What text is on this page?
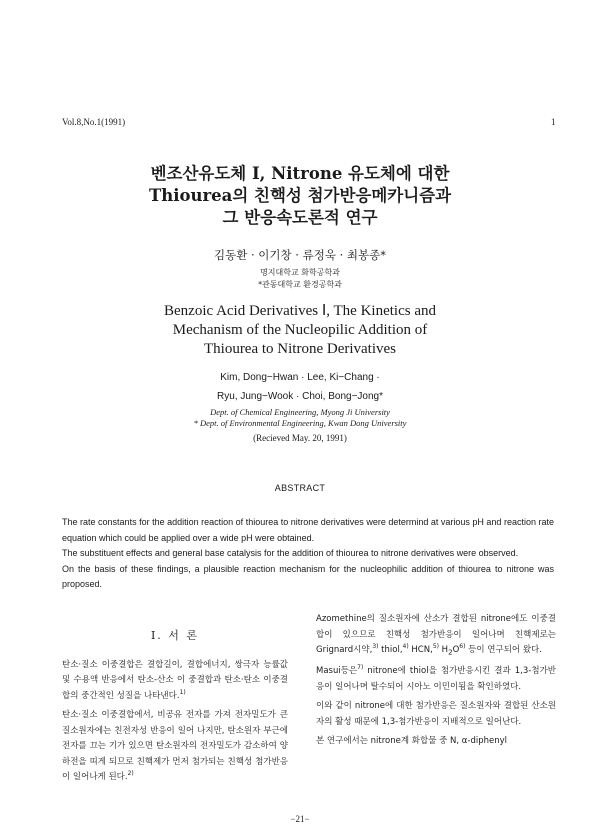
Vol.8,No.1(1991)	1
벤조산유도체 I, Nitrone 유도체에 대한
Thiourea의 친핵성 첨가반응메카니즘과
그 반응속도론적 연구
김동환 · 이기창 · 류정욱 · 최봉종*
명지대학교 화학공학과
*관동대학교 환경공학과
Benzoic Acid Derivatives Ⅰ, The Kinetics and
Mechanism of the Nucleopilic Addition of
Thiourea to Nitrone Derivatives
Kim, Dong−Hwan · Lee, Ki−Chang ·
Ryu, Jung−Wook · Choi, Bong−Jong*
Dept. of Chemical Engineering, Myong Ji University
* Dept. of Environmental Engineering, Kwan Dong University
(Recieved May. 20, 1991)
ABSTRACT

The rate constants for the addition reaction of thiourea to nitrone derivatives were determind at various pH and reaction rate equation which could be applied over a wide pH were obtained.

The substituent effects and general base catalysis for the addition of thiourea to nitrone derivatives were observed.

On the basis of these findings, a plausible reaction mechanism for the nucleophilic addition of thiourea to nitrone was proposed.

I. 서 론

탄소·질소 이중결합은 결합길이, 결합에너지, 쌍극자 능률값 및 수용액 반응에서 탄소-산소 이 중결합과 탄소·탄소 이중결합의 중간적인 성질을 나타낸다.$^{1)}$

탄소·질소 이중결합에서, 비공유 전자를 가져 전자밀도가 큰 질소원자에는 친전자성 반응이 일어 나지만, 탄소원자 부근에 전자를 끄는 기가 있으면 탄소원자의 전자밀도가 감소하여 양하전을 띠게 되므로 친핵제가 먼저 첨가되는 친핵성 첨가반응이 일어나게 된다.$^{2)}$

Azomethine의 질소원자에 산소가 결합된 nitrone에도 이중결합이 있으므로 친핵성 첨가반응이 일어나며 친핵제로는 Grignard시약,$^{3)}$ thiol,$^{4)}$ HCN,$^{5)}$ $H_2O^{6)}$ 등이 연구되어 왔다.

Masui등은$^{7)}$ nitrone에 thiol을 첨가반응시킨 결과 1,3-첨가반응이 일어나며 탈수되어 시아노 이민이됨을 확인하였다.

이와 같이 nitrone에 대한 첨가반응은 질소원자와 결합된 산소원자의 활성 때문에 1,3-첨가반응이 지배적으로 일어난다.

본 연구에서는 nitrone계 화합물 중 N, α-diphenyl

−21−
